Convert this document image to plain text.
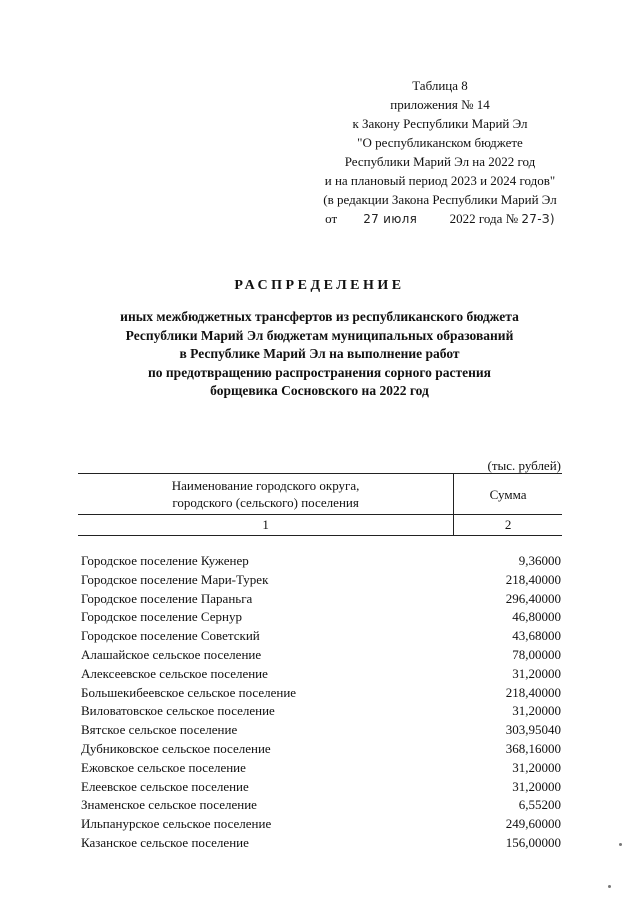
Таблица 8
приложения № 14
к Закону Республики Марий Эл
"О республиканском бюджете
Республики Марий Эл на 2022 год
и на плановый период 2023 и 2024 годов"
(в редакции Закона Республики Марий Эл
от 27 июля	2022 года № 27-З)
РАСПРЕДЕЛЕНИЕ
иных межбюджетных трансфертов из республиканского бюджета
Республики Марий Эл бюджетам муниципальных образований
в Республике Марий Эл на выполнение работ
по предотвращению распространения сорного растения
борщевика Сосновского на 2022 год
(тыс. рублей)
Наименование городского округа,
городского (сельского) поселения	Сумма
1	2

Городское поселение Куженер	9,36000
Городское поселение Мари-Турек	218,40000
Городское поселение Параньга	296,40000
Городское поселение Сернур	46,80000
Городское поселение Советский	43,68000
Алашайское сельское поселение	78,00000
Алексеевское сельское поселение	31,20000
Большекибеевское сельское поселение	218,40000
Виловатовское сельское поселение	31,20000
Вятское сельское поселение	303,95040
Дубниковское сельское поселение	368,16000
Ежовское сельское поселение	31,20000
Елеевское сельское поселение	31,20000
Знаменское сельское поселение	6,55200
Ильпанурское сельское поселение	249,60000
Казанское сельское поселение	156,00000
